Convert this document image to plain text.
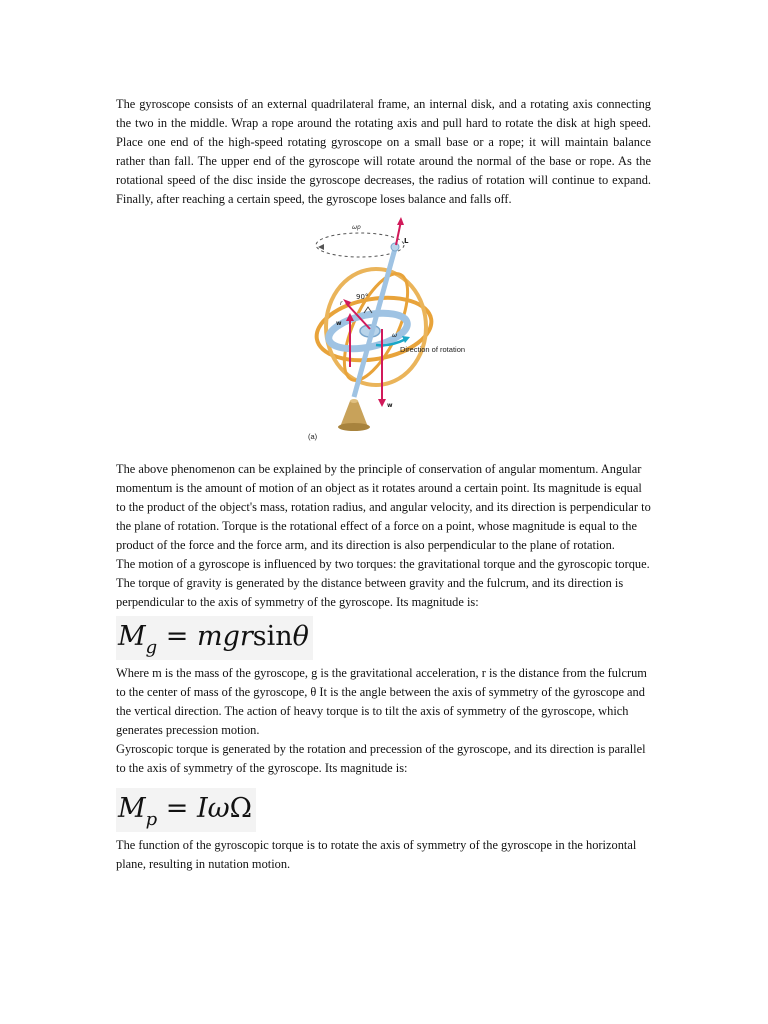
The gyroscope consists of an external quadrilateral frame, an internal disk, and a rotating axis connecting the two in the middle. Wrap a rope around the rotating axis and pull hard to rotate the disk at high speed. Place one end of the high-speed rotating gyroscope on a small base or a rope; it will maintain balance rather than fall. The upper end of the gyroscope will rotate around the normal of the base or rope. As the rotational speed of the disc inside the gyroscope decreases, the radius of rotation will continue to expand. Finally, after reaching a certain speed, the gyroscope loses balance and falls off.

ωp
L
r
90°
w
ω
Direction of rotation
w
(a)

The above phenomenon can be explained by the principle of conservation of angular momentum. Angular momentum is the amount of motion of an object as it rotates around a certain point. Its magnitude is equal to the product of the object's mass, rotation radius, and angular velocity, and its direction is perpendicular to the plane of rotation. Torque is the rotational effect of a force on a point, whose magnitude is equal to the product of the force and the force arm, and its direction is also perpendicular to the plane of rotation.

The motion of a gyroscope is influenced by two torques: the gravitational torque and the gyroscopic torque. The torque of gravity is generated by the distance between gravity and the fulcrum, and its direction is perpendicular to the axis of symmetry of the gyroscope. Its magnitude is:

$M_g = mgrsin\theta$

Where m is the mass of the gyroscope, g is the gravitational acceleration, r is the distance from the fulcrum to the center of mass of the gyroscope, θ It is the angle between the axis of symmetry of the gyroscope and the vertical direction. The action of heavy torque is to tilt the axis of symmetry of the gyroscope, which generates precession motion.

Gyroscopic torque is generated by the rotation and precession of the gyroscope, and its direction is parallel to the axis of symmetry of the gyroscope. Its magnitude is:

$M_p = I\omega\Omega$

The function of the gyroscopic torque is to rotate the axis of symmetry of the gyroscope in the horizontal plane, resulting in nutation motion.
